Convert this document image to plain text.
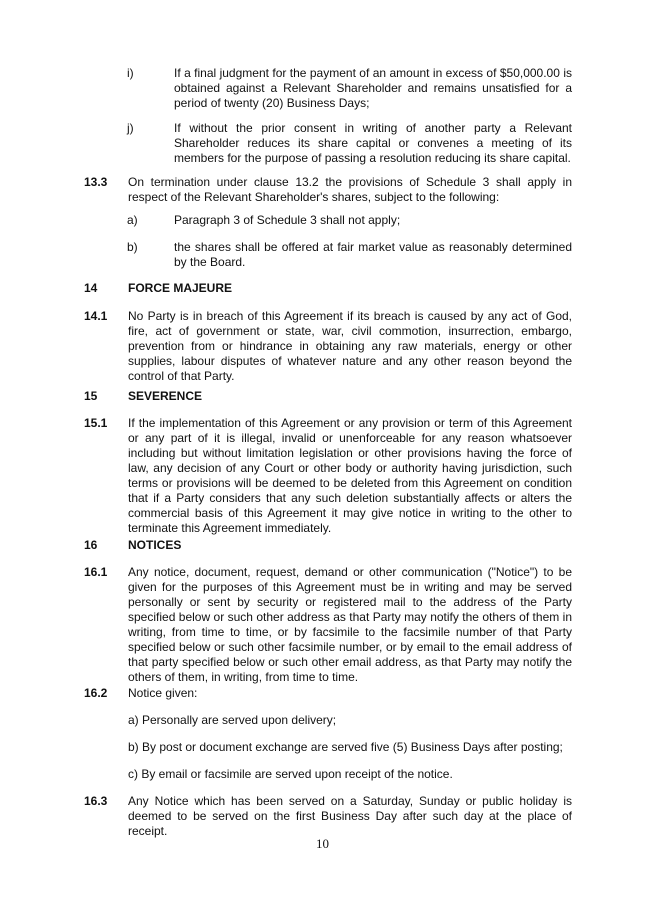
i)	If a final judgment for the payment of an amount in excess of $50,000.00 is obtained against a Relevant Shareholder and remains unsatisfied for a period of twenty (20) Business Days;
j)	If without the prior consent in writing of another party a Relevant Shareholder reduces its share capital or convenes a meeting of its members for the purpose of passing a resolution reducing its share capital.
13.3 On termination under clause 13.2 the provisions of Schedule 3 shall apply in respect of the Relevant Shareholder's shares, subject to the following:
a)	Paragraph 3 of Schedule 3 shall not apply;
b)	the shares shall be offered at fair market value as reasonably determined by the Board.
14	FORCE MAJEURE
14.1 No Party is in breach of this Agreement if its breach is caused by any act of God, fire, act of government or state, war, civil commotion, insurrection, embargo, prevention from or hindrance in obtaining any raw materials, energy or other supplies, labour disputes of whatever nature and any other reason beyond the control of that Party.
15	SEVERENCE
15.1 If the implementation of this Agreement or any provision or term of this Agreement or any part of it is illegal, invalid or unenforceable for any reason whatsoever including but without limitation legislation or other provisions having the force of law, any decision of any Court or other body or authority having jurisdiction, such terms or provisions will be deemed to be deleted from this Agreement on condition that if a Party considers that any such deletion substantially affects or alters the commercial basis of this Agreement it may give notice in writing to the other to terminate this Agreement immediately.
16	NOTICES
16.1 Any notice, document, request, demand or other communication ("Notice") to be given for the purposes of this Agreement must be in writing and may be served personally or sent by security or registered mail to the address of the Party specified below or such other address as that Party may notify the others of them in writing, from time to time, or by facsimile to the facsimile number of that Party specified below or such other facsimile number, or by email to the email address of that party specified below or such other email address, as that Party may notify the others of them, in writing, from time to time.
16.2 Notice given:
a) Personally are served upon delivery;
b) By post or document exchange are served five (5) Business Days after posting;
c) By email or facsimile are served upon receipt of the notice.
16.3 Any Notice which has been served on a Saturday, Sunday or public holiday is deemed to be served on the first Business Day after such day at the place of receipt.
10
